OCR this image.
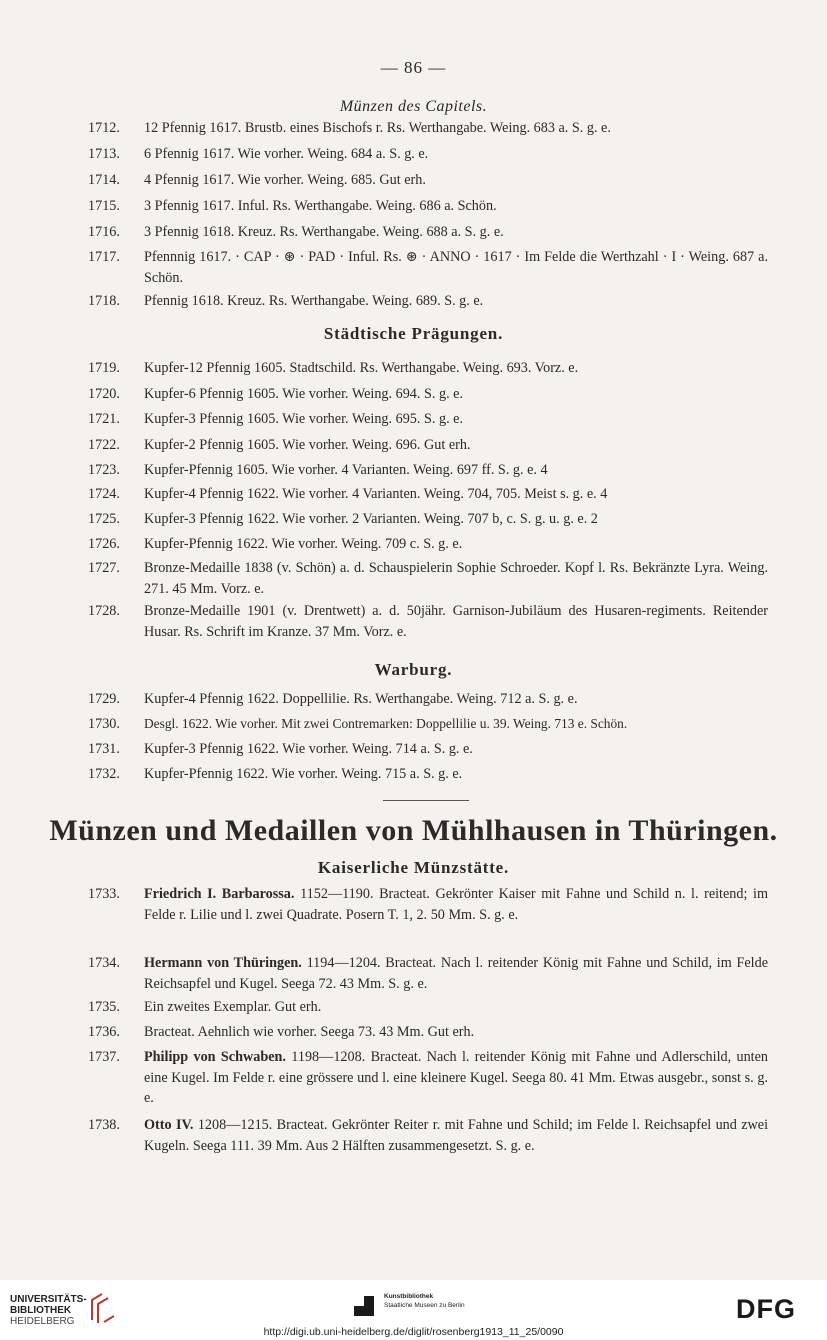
— 86 —
Münzen des Capitels.
1712.	12 Pfennig 1617. Brustb. eines Bischofs r. Rs. Werthangabe. Weing. 683 a. S. g. e.
1713.	6 Pfennig 1617. Wie vorher. Weing. 684 a. S. g. e.
1714.	4 Pfennig 1617. Wie vorher. Weing. 685. Gut erh.
1715.	3 Pfennig 1617. Inful. Rs. Werthangabe. Weing. 686 a. Schön.
1716.	3 Pfennig 1618. Kreuz. Rs. Werthangabe. Weing. 688 a. S. g. e.
1717.	Pfennnig 1617. · CAP · ⊛ · PAD · Inful. Rs. ⊛ · ANNO · 1617 · Im Felde die Werthzahl · I · Weing. 687 a. Schön.
1718.	Pfennig 1618. Kreuz. Rs. Werthangabe. Weing. 689. S. g. e.
Städtische Prägungen.
1719.	Kupfer-12 Pfennig 1605. Stadtschild. Rs. Werthangabe. Weing. 693. Vorz. e.
1720.	Kupfer-6 Pfennig 1605. Wie vorher. Weing. 694. S. g. e.
1721.	Kupfer-3 Pfennig 1605. Wie vorher. Weing. 695. S. g. e.
1722.	Kupfer-2 Pfennig 1605. Wie vorher. Weing. 696. Gut erh.
1723.	Kupfer-Pfennig 1605. Wie vorher. 4 Varianten. Weing. 697 ff. S. g. e. 4
1724.	Kupfer-4 Pfennig 1622. Wie vorher. 4 Varianten. Weing. 704, 705. Meist s. g. e. 4
1725.	Kupfer-3 Pfennig 1622. Wie vorher. 2 Varianten. Weing. 707 b, c. S. g. u. g. e. 2
1726.	Kupfer-Pfennig 1622. Wie vorher. Weing. 709 c. S. g. e.
1727.	Bronze-Medaille 1838 (v. Schön) a. d. Schauspielerin Sophie Schroeder. Kopf l. Rs. Bekränzte Lyra. Weing. 271. 45 Mm. Vorz. e.
1728.	Bronze-Medaille 1901 (v. Drentwett) a. d. 50jähr. Garnison-Jubiläum des Husaren-regiments. Reitender Husar. Rs. Schrift im Kranze. 37 Mm. Vorz. e.
Warburg.
1729.	Kupfer-4 Pfennig 1622. Doppellilie. Rs. Werthangabe. Weing. 712 a. S. g. e.
1730.	Desgl. 1622. Wie vorher. Mit zwei Contremarken: Doppellilie u. 39. Weing. 713 e. Schön.
1731.	Kupfer-3 Pfennig 1622. Wie vorher. Weing. 714 a. S. g. e.
1732.	Kupfer-Pfennig 1622. Wie vorher. Weing. 715 a. S. g. e.
Münzen und Medaillen von Mühlhausen in Thüringen.
Kaiserliche Münzstätte.
1733.	Friedrich I. Barbarossa. 1152—1190. Bracteat. Gekrönter Kaiser mit Fahne und Schild n. l. reitend; im Felde r. Lilie und l. zwei Quadrate. Posern T. 1, 2. 50 Mm. S. g. e.
1734.	Hermann von Thüringen. 1194—1204. Bracteat. Nach l. reitender König mit Fahne und Schild, im Felde Reichsapfel und Kugel. Seega 72. 43 Mm. S. g. e.
1735.	Ein zweites Exemplar. Gut erh.
1736.	Bracteat. Aehnlich wie vorher. Seega 73. 43 Mm. Gut erh.
1737.	Philipp von Schwaben. 1198—1208. Bracteat. Nach l. reitender König mit Fahne und Adlerschild, unten eine Kugel. Im Felde r. eine grössere und l. eine kleinere Kugel. Seega 80. 41 Mm. Etwas ausgebr., sonst s. g. e.
1738.	Otto IV. 1208—1215. Bracteat. Gekrönter Reiter r. mit Fahne und Schild; im Felde l. Reichsapfel und zwei Kugeln. Seega 111. 39 Mm. Aus 2 Hälften zusammengesetzt. S. g. e.
UNIVERSITÄTS-
BIBLIOTHEK
HEIDELBERG
Kunstbibliothek
Staatliche Museen zu Berlin	DFG
http://digi.ub.uni-heidelberg.de/diglit/rosenberg1913_11_25/0090
